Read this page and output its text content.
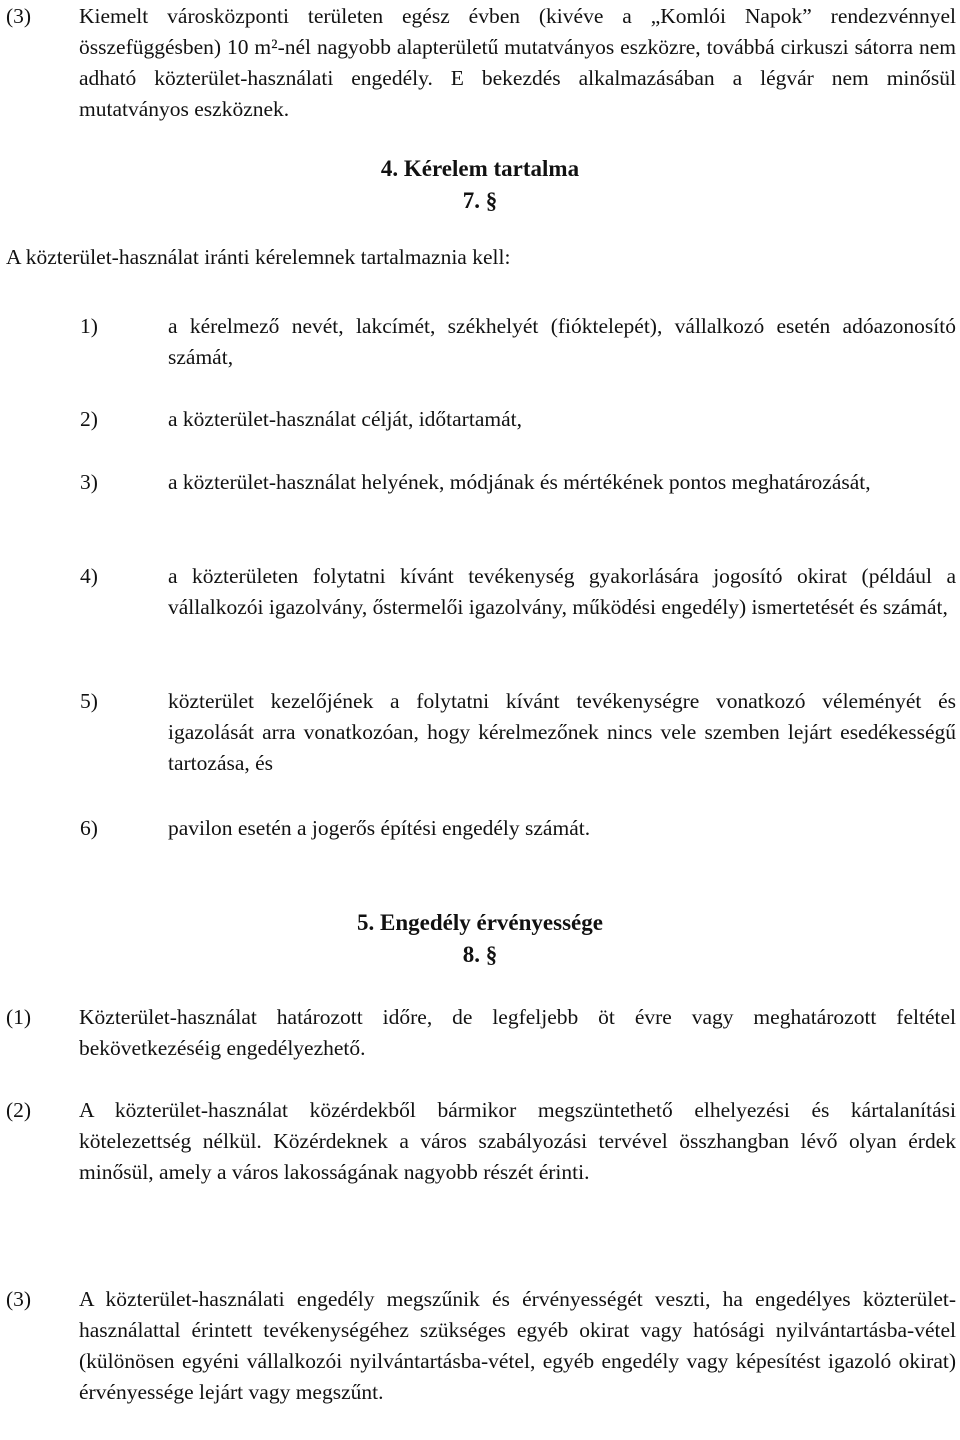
(3) Kiemelt városközponti területen egész évben (kivéve a „Komlói Napok” rendezvénnyel összefüggésben) 10 m²-nél nagyobb alapterületű mutatványos eszközre, továbbá cirkuszi sátorra nem adható közterület-használati engedély. E bekezdés alkalmazásában a légvár nem minősül mutatványos eszköznek.
4. Kérelem tartalma
7. §
A közterület-használat iránti kérelemnek tartalmaznia kell:
1)	a kérelmező nevét, lakcímét, székhelyét (fióktelepét), vállalkozó esetén adóazonosító számát,
2)	a közterület-használat célját, időtartamát,
3)	a közterület-használat helyének, módjának és mértékének pontos meghatározását,
4)	a közterületen folytatni kívánt tevékenység gyakorlására jogosító okirat (például a vállalkozói igazolvány, őstermelői igazolvány, működési engedély) ismertetését és számát,
5)	közterület kezelőjének a folytatni kívánt tevékenységre vonatkozó véleményét és igazolását arra vonatkozóan, hogy kérelmezőnek nincs vele szemben lejárt esedékességű tartozása, és
6)	pavilon esetén a jogerős építési engedély számát.
5. Engedély érvényessége
8. §
(1) Közterület-használat határozott időre, de legfeljebb öt évre vagy meghatározott feltétel bekövetkezéséig engedélyezhető.
(2) A közterület-használat közérdekből bármikor megszüntethető elhelyezési és kártalanítási kötelezettség nélkül. Közérdeknek a város szabályozási tervével összhangban lévő olyan érdek minősül, amely a város lakosságának nagyobb részét érinti.
(3) A közterület-használati engedély megszűnik és érvényességét veszti, ha engedélyes közterület-használattal érintett tevékenységéhez szükséges egyéb okirat vagy hatósági nyilvántartásba-vétel (különösen egyéni vállalkozói nyilvántartásba-vétel, egyéb engedély vagy képesítést igazoló okirat) érvényessége lejárt vagy megszűnt.
